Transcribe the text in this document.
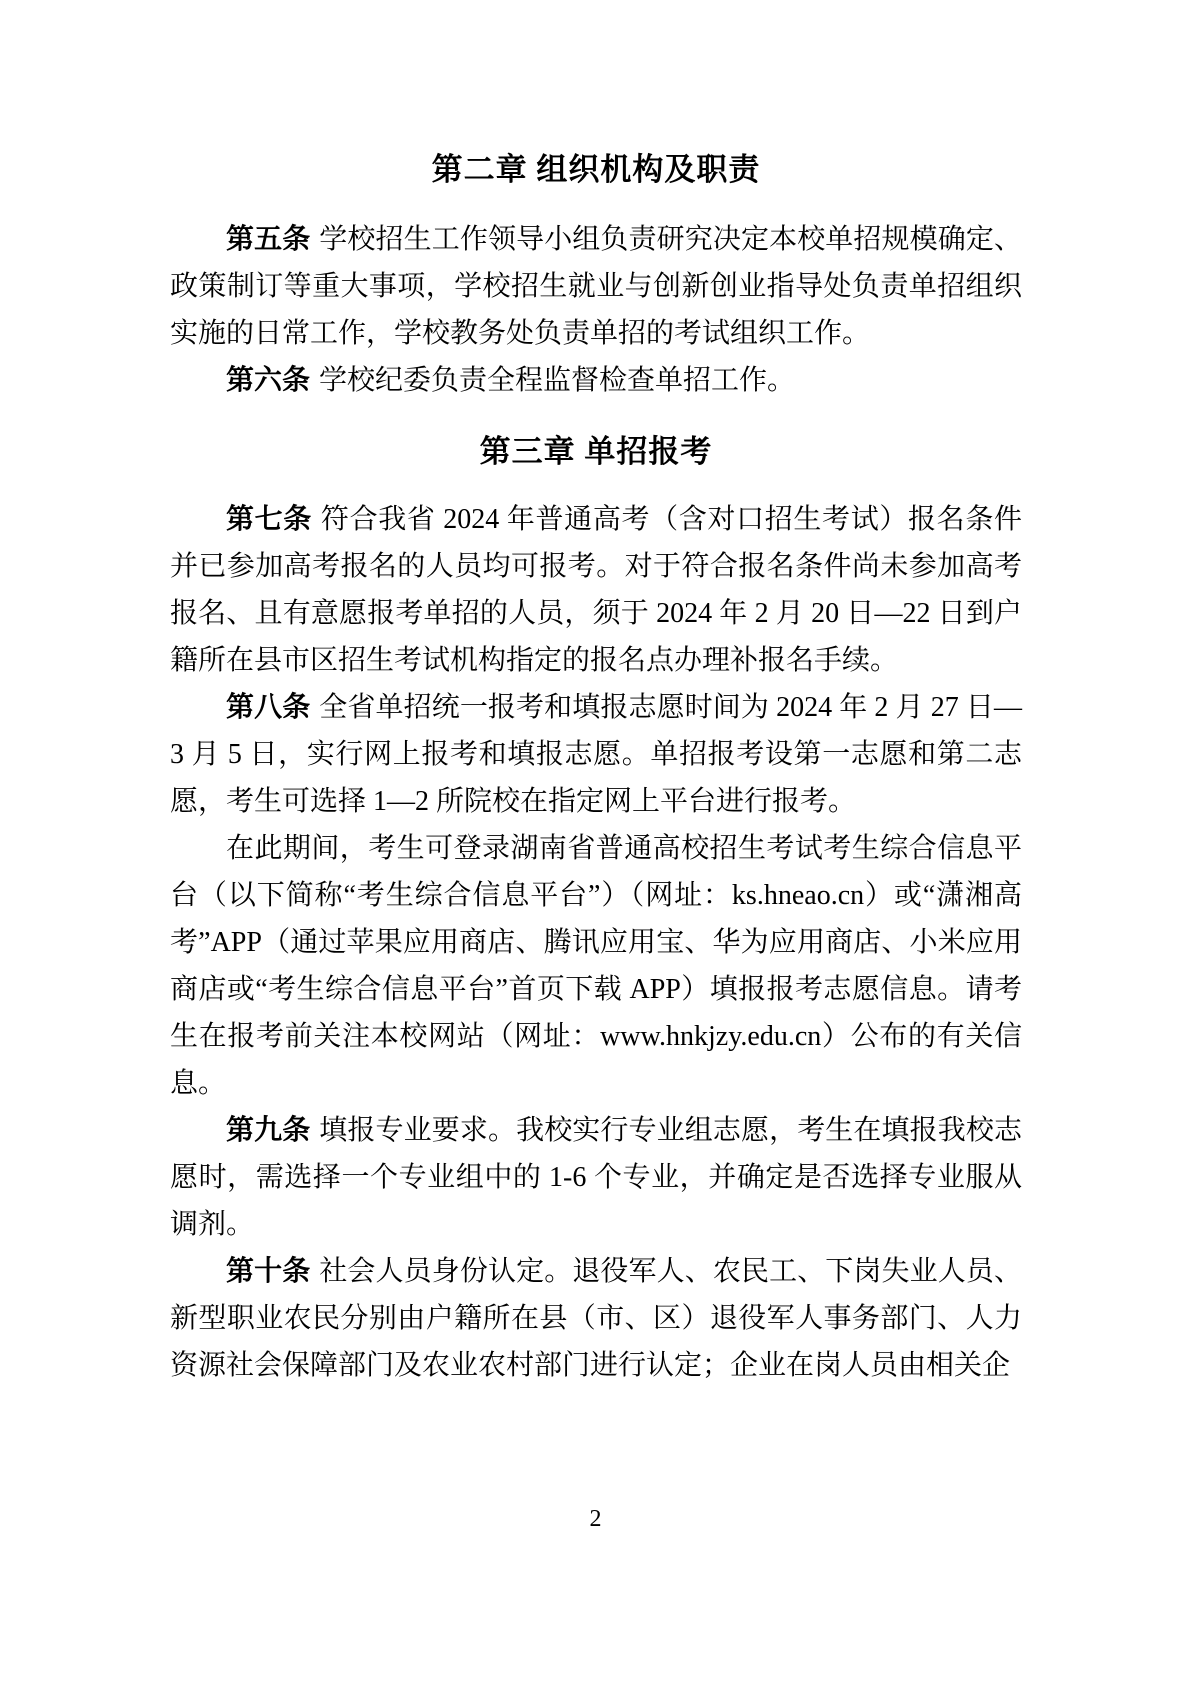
第二章 组织机构及职责

第五条 学校招生工作领导小组负责研究决定本校单招规模确定、政策制订等重大事项，学校招生就业与创新创业指导处负责单招组织实施的日常工作，学校教务处负责单招的考试组织工作。

第六条 学校纪委负责全程监督检查单招工作。

第三章 单招报考

第七条 符合我省 2024 年普通高考（含对口招生考试）报名条件并已参加高考报名的人员均可报考。对于符合报名条件尚未参加高考报名、且有意愿报考单招的人员，须于 2024 年 2 月 20 日—22 日到户籍所在县市区招生考试机构指定的报名点办理补报名手续。

第八条 全省单招统一报考和填报志愿时间为 2024 年 2 月 27 日—3 月 5 日，实行网上报考和填报志愿。单招报考设第一志愿和第二志愿，考生可选择 1—2 所院校在指定网上平台进行报考。

在此期间，考生可登录湖南省普通高校招生考试考生综合信息平台（以下简称“考生综合信息平台”）（网址：ks.hneao.cn）或“潇湘高考”APP（通过苹果应用商店、腾讯应用宝、华为应用商店、小米应用商店或“考生综合信息平台”首页下载 APP）填报报考志愿信息。请考生在报考前关注本校网站（网址：www.hnkjzy.edu.cn）公布的有关信息。

第九条 填报专业要求。我校实行专业组志愿，考生在填报我校志愿时，需选择一个专业组中的 1-6 个专业，并确定是否选择专业服从调剂。

第十条 社会人员身份认定。退役军人、农民工、下岗失业人员、新型职业农民分别由户籍所在县（市、区）退役军人事务部门、人力资源社会保障部门及农业农村部门进行认定；企业在岗人员由相关企

2
